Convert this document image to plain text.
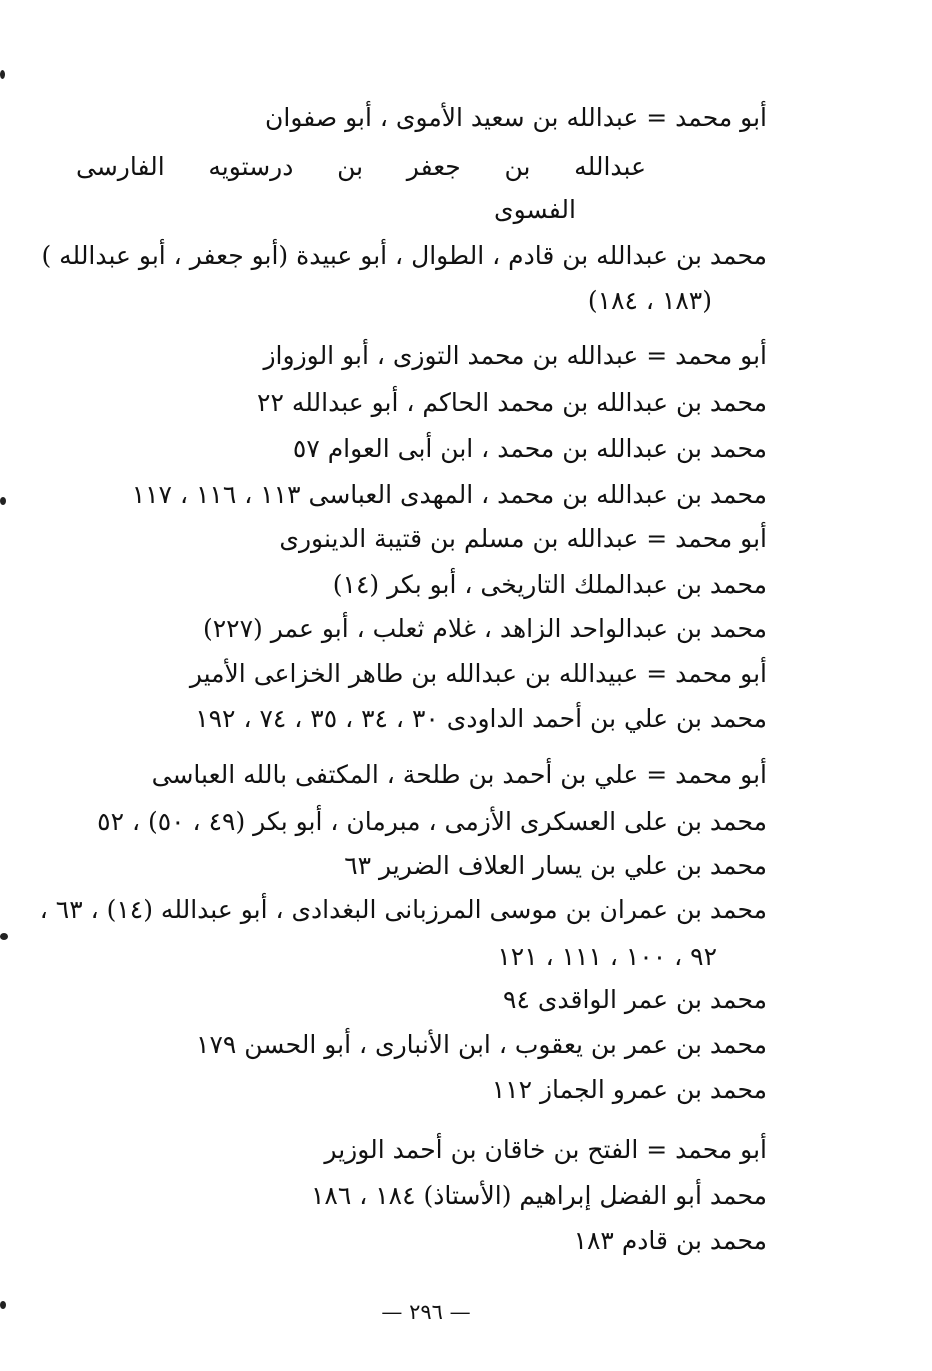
أبو محمد = عبدالله بن سعيد الأموى ، أبو صفوان
عبدالله بن جعفر بن درستويه الفارسى
الفسوى
محمد بن عبدالله بن قادم ، الطوال ، أبو عبيدة (أبو جعفر ، أبو عبدالله )
(١٨٣ ، ١٨٤)
أبو محمد = عبدالله بن محمد التوزى ، أبو الوزواز
محمد بن عبدالله بن محمد الحاكم ، أبو عبدالله ٢٢
محمد بن عبدالله بن محمد ، ابن أبى العوام ٥٧
محمد بن عبدالله بن محمد ، المهدى العباسى ١١٣ ، ١١٦ ، ١١٧
أبو محمد = عبدالله بن مسلم بن قتيبة الدينورى
محمد بن عبدالملك التاريخى ، أبو بكر (١٤)
محمد بن عبدالواحد الزاهد ، غلام ثعلب ، أبو عمر (٢٢٧)
أبو محمد = عبيدالله بن عبدالله بن طاهر الخزاعى الأمير
محمد بن علي بن أحمد الداودى ٣٠ ، ٣٤ ، ٣٥ ، ٧٤ ، ١٩٢
أبو محمد = علي بن أحمد بن طلحة ، المكتفى بالله العباسى
محمد بن على العسكرى الأزمى ، مبرمان ، أبو بكر (٤٩ ، ٥٠) ، ٥٢
محمد بن علي بن يسار العلاف الضرير ٦٣
محمد بن عمران بن موسى المرزبانى البغدادى ، أبو عبدالله (١٤) ، ٦٣ ،
٩٢ ، ١٠٠ ، ١١١ ، ١٢١
محمد بن عمر الواقدى ٩٤
محمد بن عمر بن يعقوب ، ابن الأنبارى ، أبو الحسن ١٧٩
محمد بن عمرو الجماز ١١٢
أبو محمد = الفتح بن خاقان بن أحمد الوزير
محمد أبو الفضل إبراهيم (الأستاذ) ١٨٤ ، ١٨٦
محمد بن قادم ١٨٣
— ٢٩٦ —
